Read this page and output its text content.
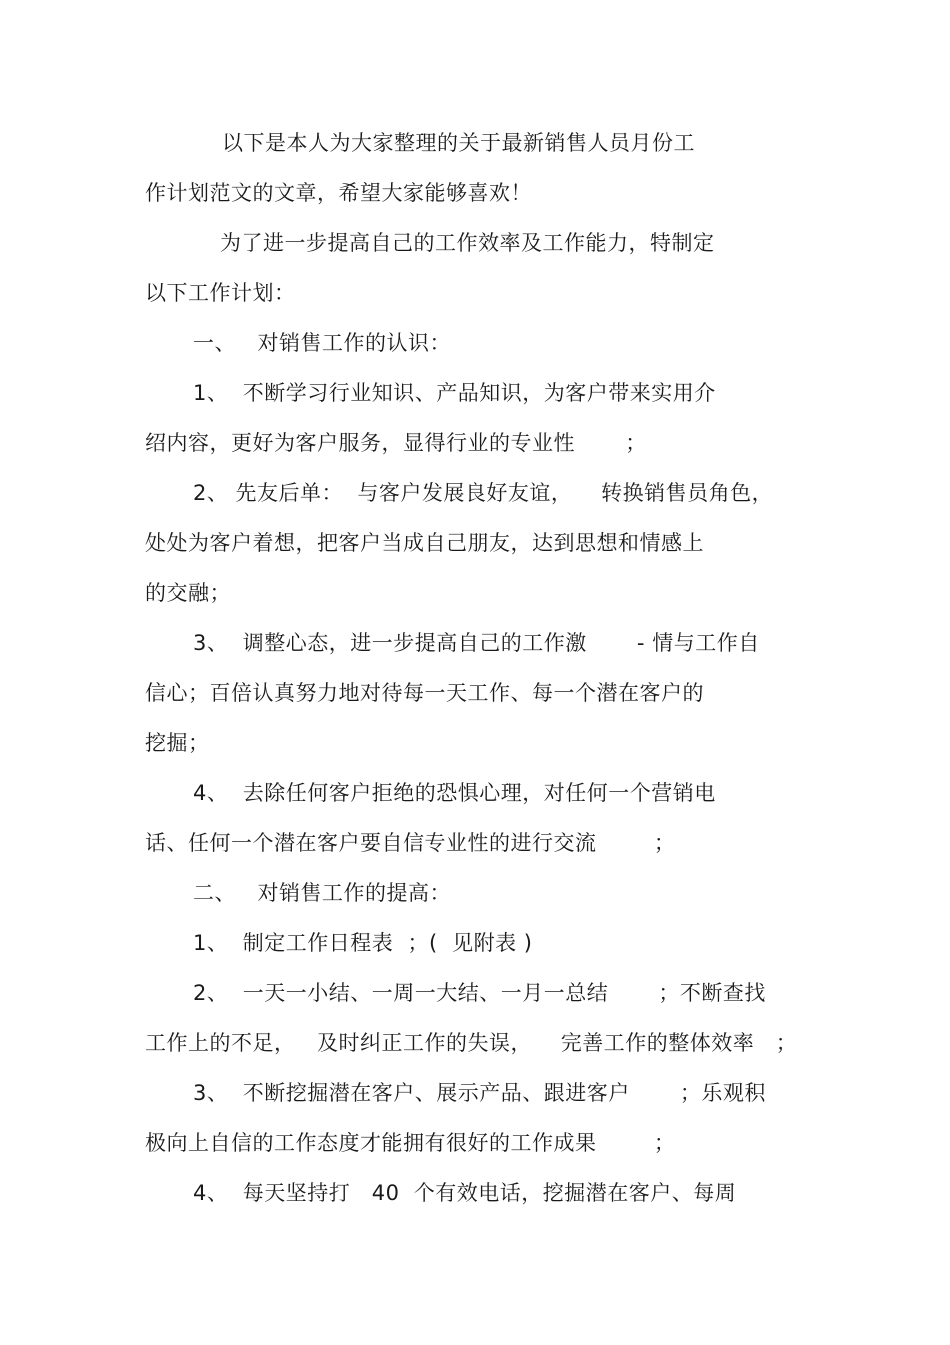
以下是本人为大家整理的关于最新销售人员月份工
作计划范文的文章，希望大家能够喜欢！
为了进一步提高自己的工作效率及工作能力，特制定
以下工作计划：
一、   对销售工作的认识：
1、  不断学习行业知识、产品知识，为客户带来实用介
绍内容，更好为客户服务，显得行业的专业性       ；
2、 先友后单：  与客户发展良好友谊，    转换销售员角色，
处处为客户着想，把客户当成自己朋友，达到思想和情感上
的交融；
3、  调整心态，进一步提高自己的工作激       - 情与工作自
信心；百倍认真努力地对待每一天工作、每一个潜在客户的
挖掘；
4、  去除任何客户拒绝的恐惧心理，对任何一个营销电
话、任何一个潜在客户要自信专业性的进行交流        ；
二、   对销售工作的提高：
1、  制定工作日程表  ；(  见附表 )
2、  一天一小结、一周一大结、一月一总结       ；不断查找
工作上的不足，   及时纠正工作的失误，    完善工作的整体效率   ；
3、  不断挖掘潜在客户、展示产品、跟进客户       ；乐观积
极向上自信的工作态度才能拥有很好的工作成果        ；
4、  每天坚持打   40  个有效电话，挖掘潜在客户、每周
